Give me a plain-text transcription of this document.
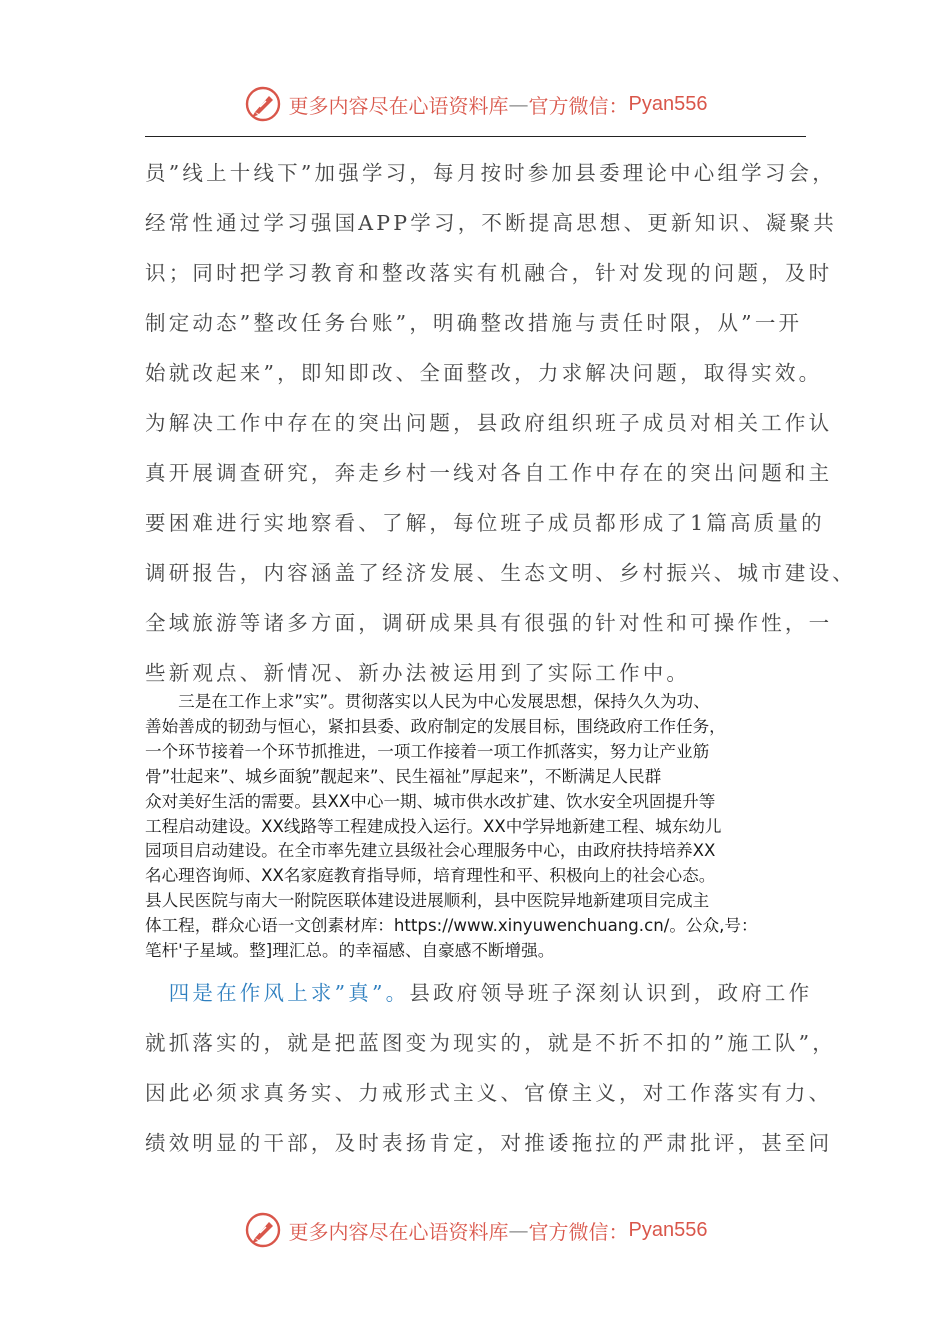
更多内容尽在心语资料库 — 官方微信： Pyan556
员”线上十线下”加强学习，每月按时参加县委理论中心组学习会，
经常性通过学习强国APP学习，不断提高思想、更新知识、凝聚共
识；同时把学习教育和整改落实有机融合，针对发现的问题，及时
制定动态”整改任务台账”，明确整改措施与责任时限，从”一开
始就改起来”，即知即改、全面整改，力求解决问题，取得实效。
为解决工作中存在的突出问题，县政府组织班子成员对相关工作认
真开展调查研究，奔走乡村一线对各自工作中存在的突出问题和主
要困难进行实地察看、了解，每位班子成员都形成了1篇高质量的
调研报告，内容涵盖了经济发展、生态文明、乡村振兴、城市建设、
全域旅游等诸多方面，调研成果具有很强的针对性和可操作性，一
些新观点、新情况、新办法被运用到了实际工作中。
　　三是在工作上求”实”。贯彻落实以人民为中心发展思想，保持久久为功、
善始善成的韧劲与恒心，紧扣县委、政府制定的发展目标，围绕政府工作任务，
一个环节接着一个环节抓推进，一项工作接着一项工作抓落实，努力让产业筋
骨”壮起来”、城乡面貌”靓起来”、民生福祉”厚起来”，不断满足人民群
众对美好生活的需要。县XX中心一期、城市供水改扩建、饮水安全巩固提升等
工程启动建设。XX线路等工程建成投入运行。XX中学异地新建工程、城东幼儿
园项目启动建设。在全市率先建立县级社会心理服务中心，由政府扶持培养XX
名心理咨询师、XX名家庭教育指导师，培育理性和平、积极向上的社会心态。
县人民医院与南大一附院医联体建设进展顺利，县中医院异地新建项目完成主
体工程，群众心语一文创素材库：https://www.xinyuwenchuang.cn/。公众,号：
笔杆'子星域。整]理汇总。的幸福感、自豪感不断增强。
　四是在作风上求”真”。县政府领导班子深刻认识到，政府工作
就抓落实的，就是把蓝图变为现实的，就是不折不扣的”施工队”，
因此必须求真务实、力戒形式主义、官僚主义，对工作落实有力、
绩效明显的干部，及时表扬肯定，对推诿拖拉的严肃批评，甚至问
更多内容尽在心语资料库 — 官方微信： Pyan556
